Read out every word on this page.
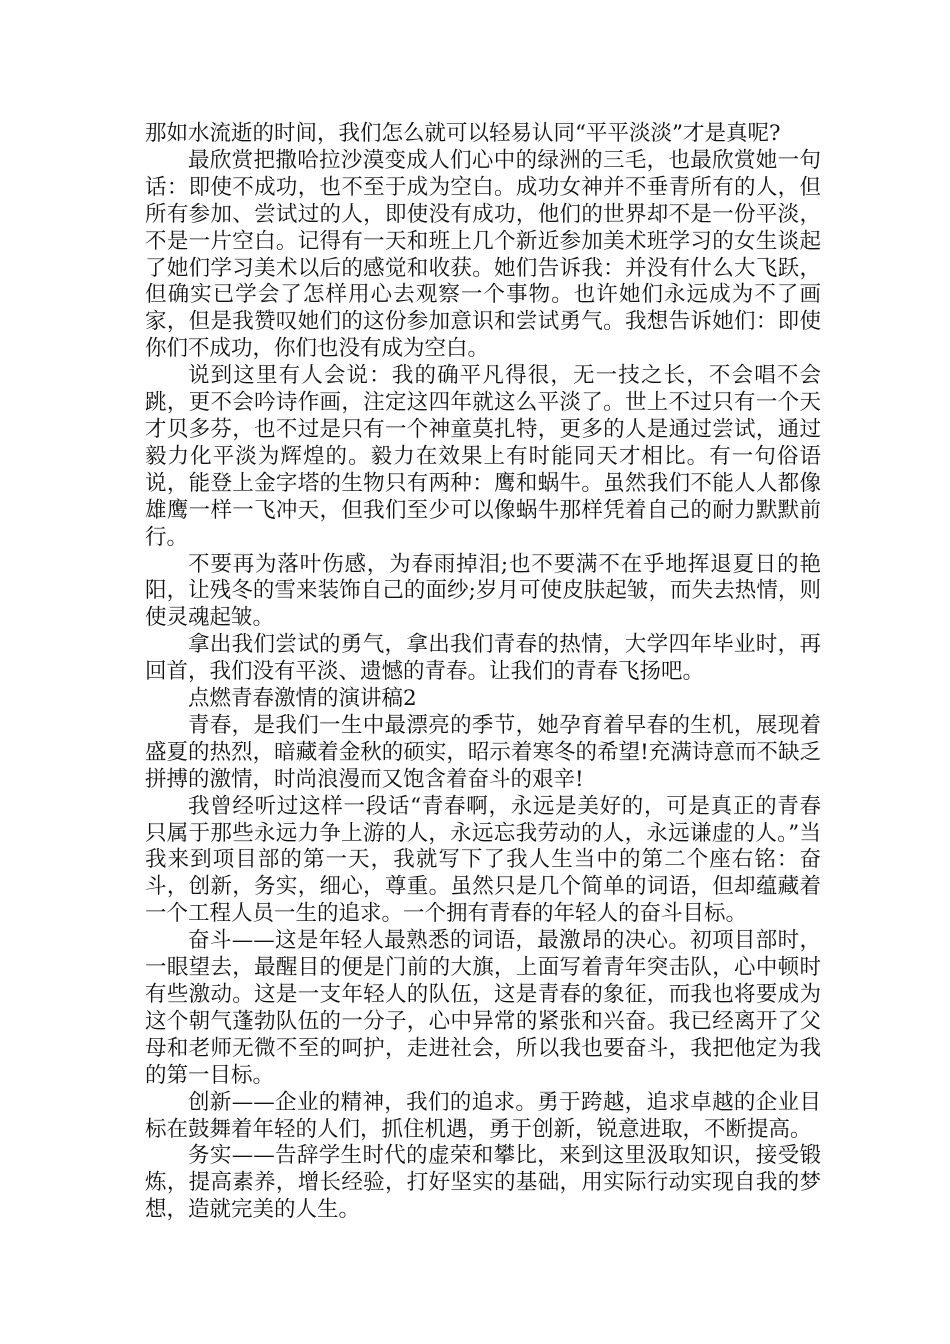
那如水流逝的时间，我们怎么就可以轻易认同“平平淡淡”才是真呢?

最欣赏把撒哈拉沙漠变成人们心中的绿洲的三毛，也最欣赏她一句话：即使不成功，也不至于成为空白。成功女神并不垂青所有的人，但所有参加、尝试过的人，即使没有成功，他们的世界却不是一份平淡，不是一片空白。记得有一天和班上几个新近参加美术班学习的女生谈起了她们学习美术以后的感觉和收获。她们告诉我：并没有什么大飞跃，但确实已学会了怎样用心去观察一个事物。也许她们永远成为不了画家，但是我赞叹她们的这份参加意识和尝试勇气。我想告诉她们：即使你们不成功，你们也没有成为空白。

说到这里有人会说：我的确平凡得很，无一技之长，不会唱不会跳，更不会吟诗作画，注定这四年就这么平淡了。世上不过只有一个天才贝多芬，也不过是只有一个神童莫扎特，更多的人是通过尝试，通过毅力化平淡为辉煌的。毅力在效果上有时能同天才相比。有一句俗语说，能登上金字塔的生物只有两种：鹰和蜗牛。虽然我们不能人人都像雄鹰一样一飞冲天，但我们至少可以像蜗牛那样凭着自己的耐力默默前行。

不要再为落叶伤感，为春雨掉泪;也不要满不在乎地挥退夏日的艳阳，让残冬的雪来装饰自己的面纱;岁月可使皮肤起皱，而失去热情，则使灵魂起皱。

拿出我们尝试的勇气，拿出我们青春的热情，大学四年毕业时，再回首，我们没有平淡、遗憾的青春。让我们的青春飞扬吧。

点燃青春激情的演讲稿2

青春，是我们一生中最漂亮的季节，她孕育着早春的生机，展现着盛夏的热烈，暗藏着金秋的硕实，昭示着寒冬的希望!充满诗意而不缺乏拼搏的激情，时尚浪漫而又饱含着奋斗的艰辛!

我曾经听过这样一段话“青春啊，永远是美好的，可是真正的青春只属于那些永远力争上游的人，永远忘我劳动的人，永远谦虚的人。”当我来到项目部的第一天，我就写下了我人生当中的第二个座右铭：奋斗，创新，务实，细心，尊重。虽然只是几个简单的词语，但却蕴藏着一个工程人员一生的追求。一个拥有青春的年轻人的奋斗目标。

奋斗——这是年轻人最熟悉的词语，最激昂的决心。初项目部时，一眼望去，最醒目的便是门前的大旗，上面写着青年突击队，心中顿时有些激动。这是一支年轻人的队伍，这是青春的象征，而我也将要成为这个朝气蓬勃队伍的一分子，心中异常的紧张和兴奋。我已经离开了父母和老师无微不至的呵护，走进社会，所以我也要奋斗，我把他定为我的第一目标。

创新——企业的精神，我们的追求。勇于跨越，追求卓越的企业目标在鼓舞着年轻的人们，抓住机遇，勇于创新，锐意进取，不断提高。

务实——告辞学生时代的虚荣和攀比，来到这里汲取知识，接受锻炼，提高素养，增长经验，打好坚实的基础，用实际行动实现自我的梦想，造就完美的人生。
